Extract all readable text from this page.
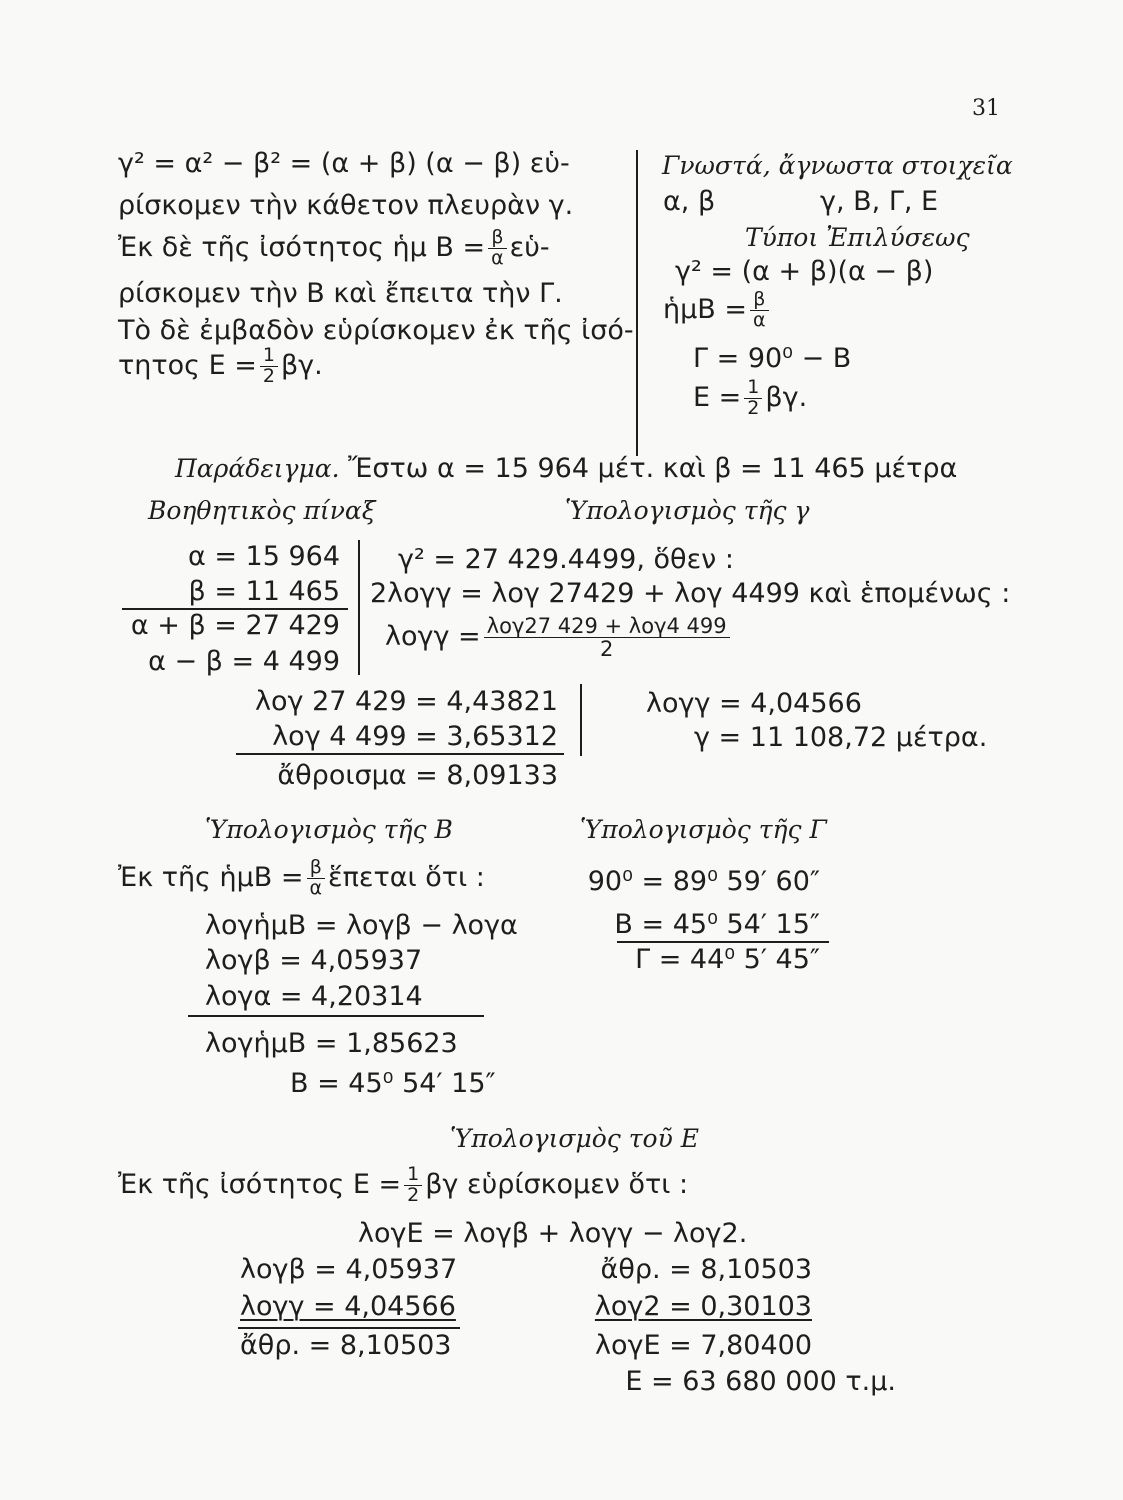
31
γ² = α² − β² = (α + β) (α − β) εὑ-
ρίσκομεν τὴν κάθετον πλευρὰν γ.
Ἐκ δὲ τῆς ἰσότητος ἡμ $B = \frac{\beta}{\alpha}$ εὑ-
ρίσκομεν τὴν Β καὶ ἔπειτα τὴν Γ.
Τὸ δὲ ἐμβαδὸν εὑρίσκομεν ἐκ τῆς ἰσό-
τητος $E = \frac{1}{2} \beta\gamma$.
Γνωστά, ἄγνωστα στοιχεῖα
α, β	γ, Β, Γ, Ε
Τύποι Ἐπιλύσεως
γ² = (α + β)(α − β)
ἡμΒ = $\frac{\beta}{\alpha}$
Γ = 90⁰ − Β
$E = \frac{1}{2} \beta\gamma$.
Παράδειγμα. Ἔστω α = 15 964 μέτ. καὶ β = 11 465 μέτρα
Βοηθητικὸς πίναξ
α = 15 964
β = 11 465
α + β = 27 429
α − β = 4 499
Ὑπολογισμὸς τῆς γ
γ² = 27 429.4499, ὅθεν :
2λογγ = λογ 27429 + λογ 4499 καὶ ἑπομένως :
$\lambda o\gamma\gamma = \frac{\text{λογ27 429 + λογ4 499}}{2}$
λογ 27 429 = 4,43821
λογ 4 499 = 3,65312
ἄθροισμα = 8,09133
λογγ = 4,04566
γ = 11 108,72 μέτρα.
Ὑπολογισμὸς τῆς Β
Ἐκ τῆς ἡμΒ = $\frac{\beta}{\alpha}$ ἕπεται ὅτι :
λογἡμΒ = λογβ − λογα
λογβ = 4,05937
λογα = 4,20314
λογἡμΒ = 1,85623
Β = 45⁰ 54′ 15″
Ὑπολογισμὸς τῆς Γ
90⁰ = 89⁰ 59′ 60″
Β = 45⁰ 54′ 15″
Γ = 44⁰ 5′ 45″
Ὑπολογισμὸς τοῦ Ε
Ἐκ τῆς ἰσότητος $E = \frac{1}{2}$ βγ εὑρίσκομεν ὅτι :
λογΕ = λογβ + λογγ − λογ2.
λογβ = 4,05937
λογγ = 4,04566
ἄθρ. = 8,10503
ἄθρ. = 8,10503
λογ2 = 0,30103
λογΕ = 7,80400
Ε = 63 680 000 τ.μ.
